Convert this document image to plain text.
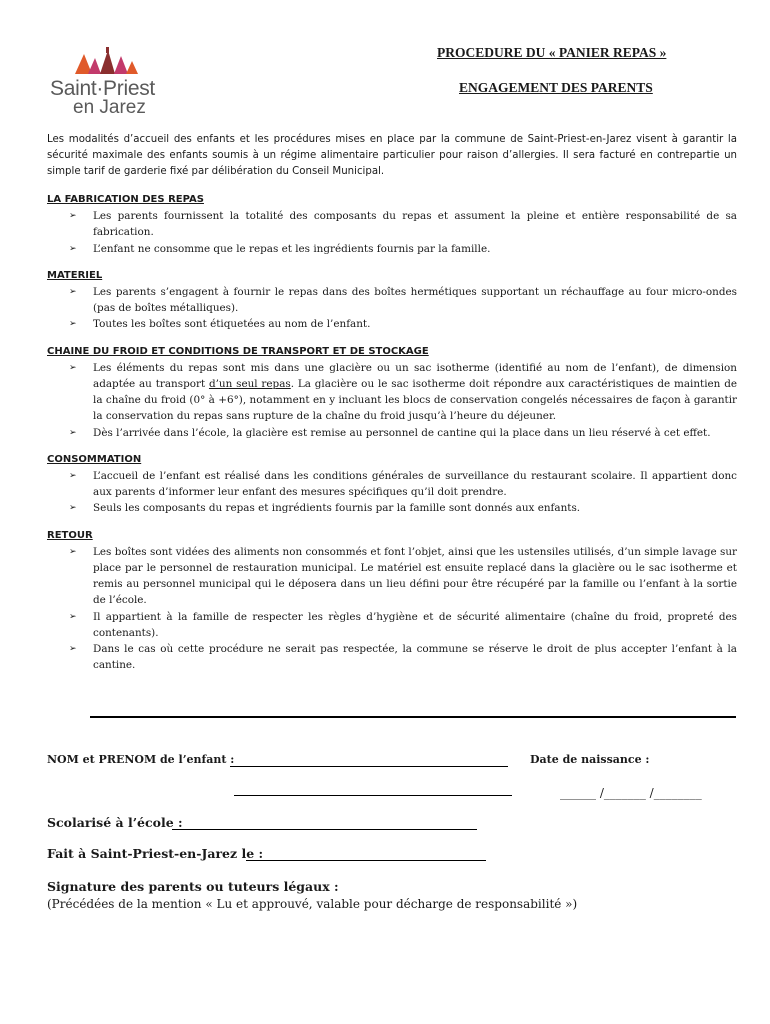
Saint·Priest
en Jarez
PROCEDURE DU « PANIER REPAS »
ENGAGEMENT DES PARENTS
Les modalités d’accueil des enfants et les procédures mises en place par la commune de Saint-Priest-en-Jarez visent à garantir la sécurité maximale des enfants soumis à un régime alimentaire particulier pour raison d’allergies. Il sera facturé en contrepartie un simple tarif de garderie fixé par délibération du Conseil Municipal.
LA FABRICATION DES REPAS
➢ Les parents fournissent la totalité des composants du repas et assument la pleine et entière responsabilité de sa fabrication.
➢ L’enfant ne consomme que le repas et les ingrédients fournis par la famille.
MATERIEL
➢ Les parents s’engagent à fournir le repas dans des boîtes hermétiques supportant un réchauffage au four micro-ondes (pas de boîtes métalliques).
➢ Toutes les boîtes sont étiquetées au nom de l’enfant.
CHAINE DU FROID ET CONDITIONS DE TRANSPORT ET DE STOCKAGE
➢ Les éléments du repas sont mis dans une glacière ou un sac isotherme (identifié au nom de l’enfant), de dimension adaptée au transport d’un seul repas. La glacière ou le sac isotherme doit répondre aux caractéristiques de maintien de la chaîne du froid (0° à +6°), notamment en y incluant les blocs de conservation congelés nécessaires de façon à garantir la conservation du repas sans rupture de la chaîne du froid jusqu’à l’heure du déjeuner.
➢ Dès l’arrivée dans l’école, la glacière est remise au personnel de cantine qui la place dans un lieu réservé à cet effet.
CONSOMMATION
➢ L’accueil de l’enfant est réalisé dans les conditions générales de surveillance du restaurant scolaire. Il appartient donc aux parents d’informer leur enfant des mesures spécifiques qu’il doit prendre.
➢ Seuls les composants du repas et ingrédients fournis par la famille sont donnés aux enfants.
RETOUR
➢ Les boîtes sont vidées des aliments non consommés et font l’objet, ainsi que les ustensiles utilisés, d’un simple lavage sur place par le personnel de restauration municipal. Le matériel est ensuite replacé dans la glacière ou le sac isotherme et remis au personnel municipal qui le déposera dans un lieu défini pour être récupéré par la famille ou l’enfant à la sortie de l’école.
➢ Il appartient à la famille de respecter les règles d’hygiène et de sécurité alimentaire (chaîne du froid, propreté des contenants).
➢ Dans le cas où cette procédure ne serait pas respectée, la commune se réserve le droit de plus accepter l’enfant à la cantine.
NOM et PRENOM de l’enfant :	Date de naissance :
______ /_______ /________
Scolarisé à l’école :
Fait à Saint-Priest-en-Jarez le :
Signature des parents ou tuteurs légaux :
(Précédées de la mention « Lu et approuvé, valable pour décharge de responsabilité »)
